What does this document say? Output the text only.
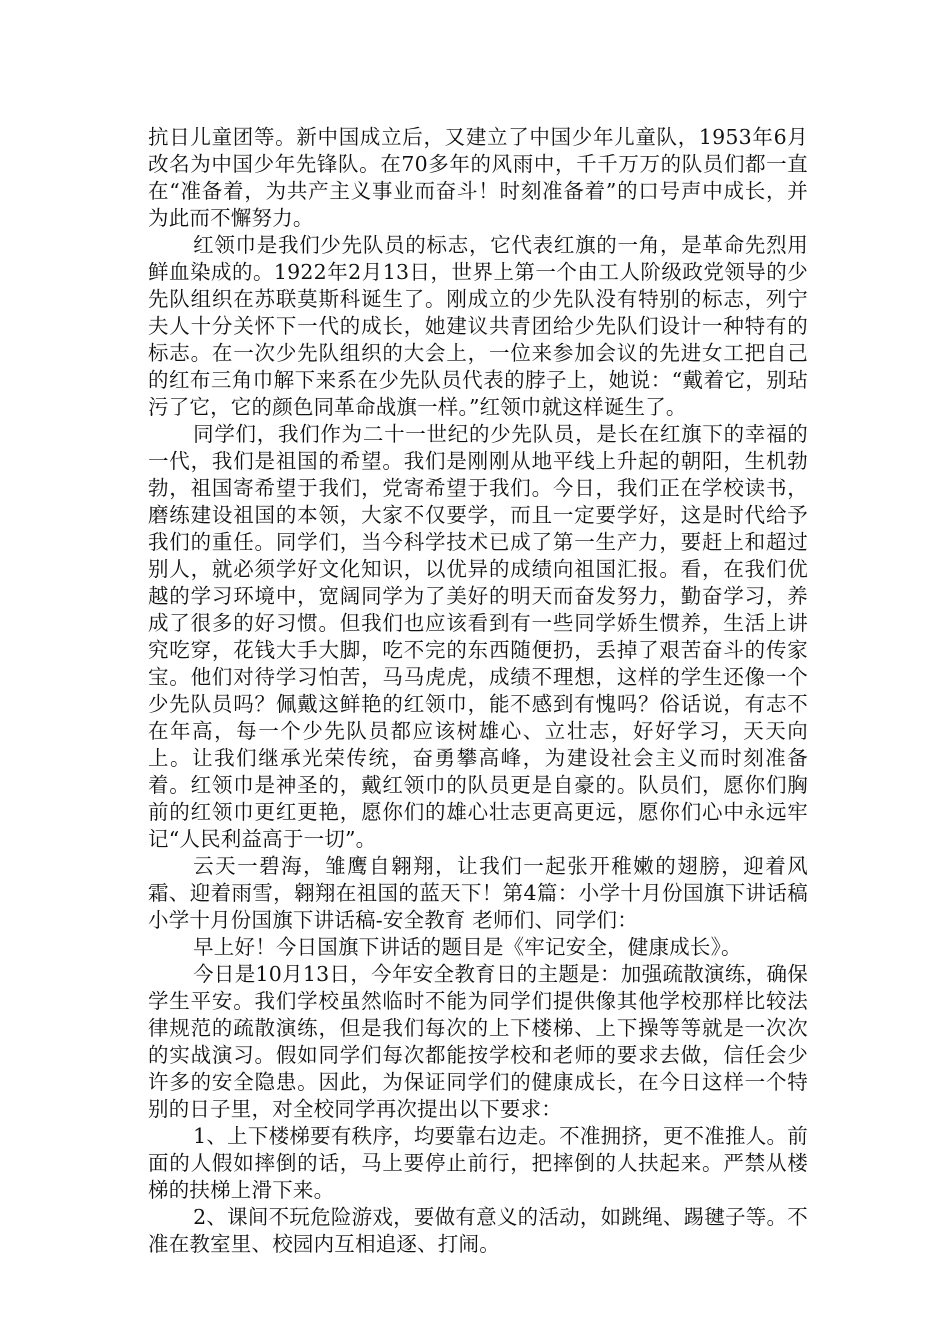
抗日儿童团等。新中国成立后，又建立了中国少年儿童队，1953年6月改名为中国少年先锋队。在70多年的风雨中，千千万万的队员们都一直在“准备着，为共产主义事业而奋斗！时刻准备着”的口号声中成长，并为此而不懈努力。

红领巾是我们少先队员的标志，它代表红旗的一角，是革命先烈用鲜血染成的。1922年2月13日，世界上第一个由工人阶级政党领导的少先队组织在苏联莫斯科诞生了。刚成立的少先队没有特别的标志，列宁夫人十分关怀下一代的成长，她建议共青团给少先队们设计一种特有的标志。在一次少先队组织的大会上，一位来参加会议的先进女工把自己的红布三角巾解下来系在少先队员代表的脖子上，她说：“戴着它，别玷污了它，它的颜色同革命战旗一样。”红领巾就这样诞生了。

同学们，我们作为二十一世纪的少先队员，是长在红旗下的幸福的一代，我们是祖国的希望。我们是刚刚从地平线上升起的朝阳，生机勃勃，祖国寄希望于我们，党寄希望于我们。今日，我们正在学校读书，磨练建设祖国的本领，大家不仅要学，而且一定要学好，这是时代给予我们的重任。同学们，当今科学技术已成了第一生产力，要赶上和超过别人，就必须学好文化知识，以优异的成绩向祖国汇报。看，在我们优越的学习环境中，宽阔同学为了美好的明天而奋发努力，勤奋学习，养成了很多的好习惯。但我们也应该看到有一些同学娇生惯养，生活上讲究吃穿，花钱大手大脚，吃不完的东西随便扔，丢掉了艰苦奋斗的传家宝。他们对待学习怕苦，马马虎虎，成绩不理想，这样的学生还像一个少先队员吗？佩戴这鲜艳的红领巾，能不感到有愧吗？俗话说，有志不在年高，每一个少先队员都应该树雄心、立壮志，好好学习，天天向上。让我们继承光荣传统，奋勇攀高峰，为建设社会主义而时刻准备着。红领巾是神圣的，戴红领巾的队员更是自豪的。队员们，愿你们胸前的红领巾更红更艳，愿你们的雄心壮志更高更远，愿你们心中永远牢记“人民利益高于一切”。

云天一碧海，雏鹰自翱翔，让我们一起张开稚嫩的翅膀，迎着风霜、迎着雨雪，翱翔在祖国的蓝天下！第4篇：小学十月份国旗下讲话稿小学十月份国旗下讲话稿-安全教育 老师们、同学们：

早上好！今日国旗下讲话的题目是《牢记安全，健康成长》。

今日是10月13日，今年安全教育日的主题是：加强疏散演练，确保学生平安。我们学校虽然临时不能为同学们提供像其他学校那样比较法律规范的疏散演练，但是我们每次的上下楼梯、上下操等等就是一次次的实战演习。假如同学们每次都能按学校和老师的要求去做，信任会少许多的安全隐患。因此，为保证同学们的健康成长，在今日这样一个特别的日子里，对全校同学再次提出以下要求：

1、上下楼梯要有秩序，均要靠右边走。不准拥挤，更不准推人。前面的人假如摔倒的话，马上要停止前行，把摔倒的人扶起来。严禁从楼梯的扶梯上滑下来。

2、课间不玩危险游戏，要做有意义的活动，如跳绳、踢毽子等。不准在教室里、校园内互相追逐、打闹。
